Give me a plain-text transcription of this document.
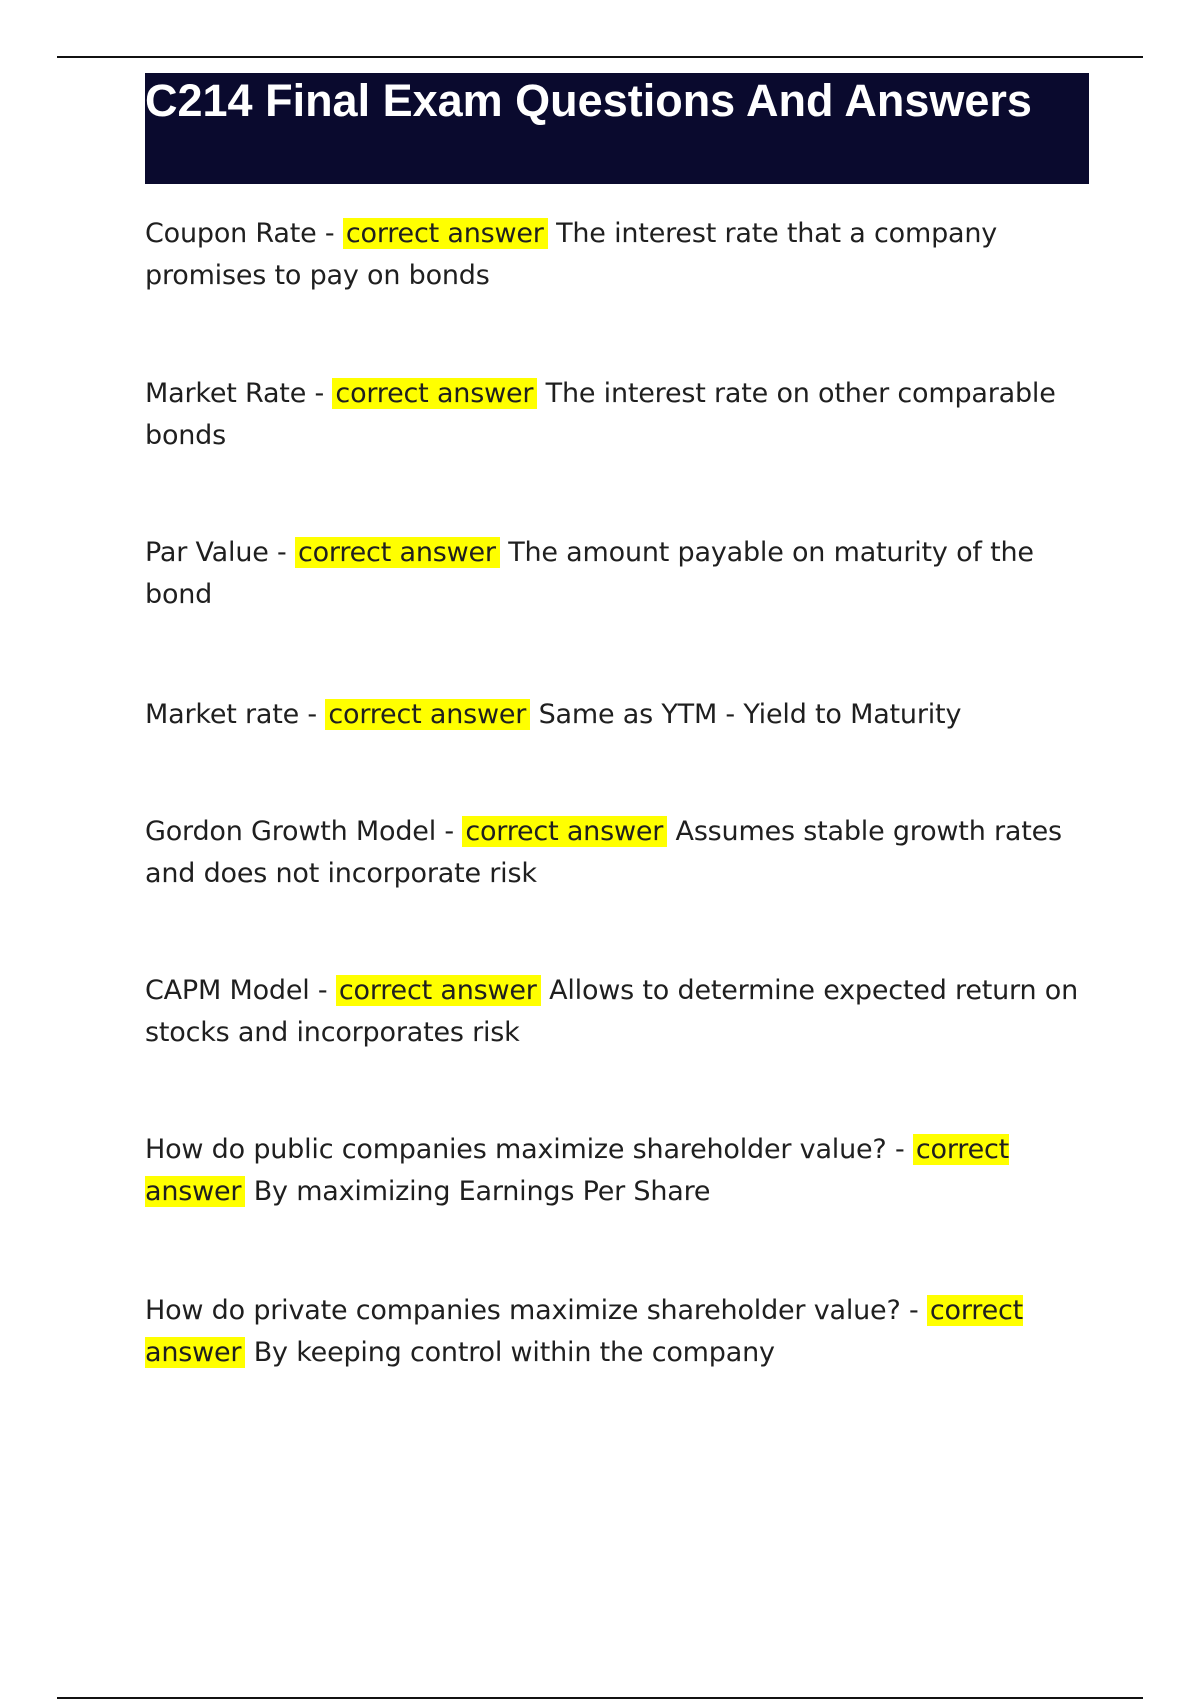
C214 Final Exam Questions And Answers

Coupon Rate - correct answer The interest rate that a company promises to pay on bonds

Market Rate - correct answer The interest rate on other comparable bonds

Par Value - correct answer The amount payable on maturity of the bond

Market rate - correct answer Same as YTM - Yield to Maturity

Gordon Growth Model - correct answer Assumes stable growth rates and does not incorporate risk

CAPM Model - correct answer Allows to determine expected return on stocks and incorporates risk

How do public companies maximize shareholder value? - correct answer By maximizing Earnings Per Share

How do private companies maximize shareholder value? - correct answer By keeping control within the company
